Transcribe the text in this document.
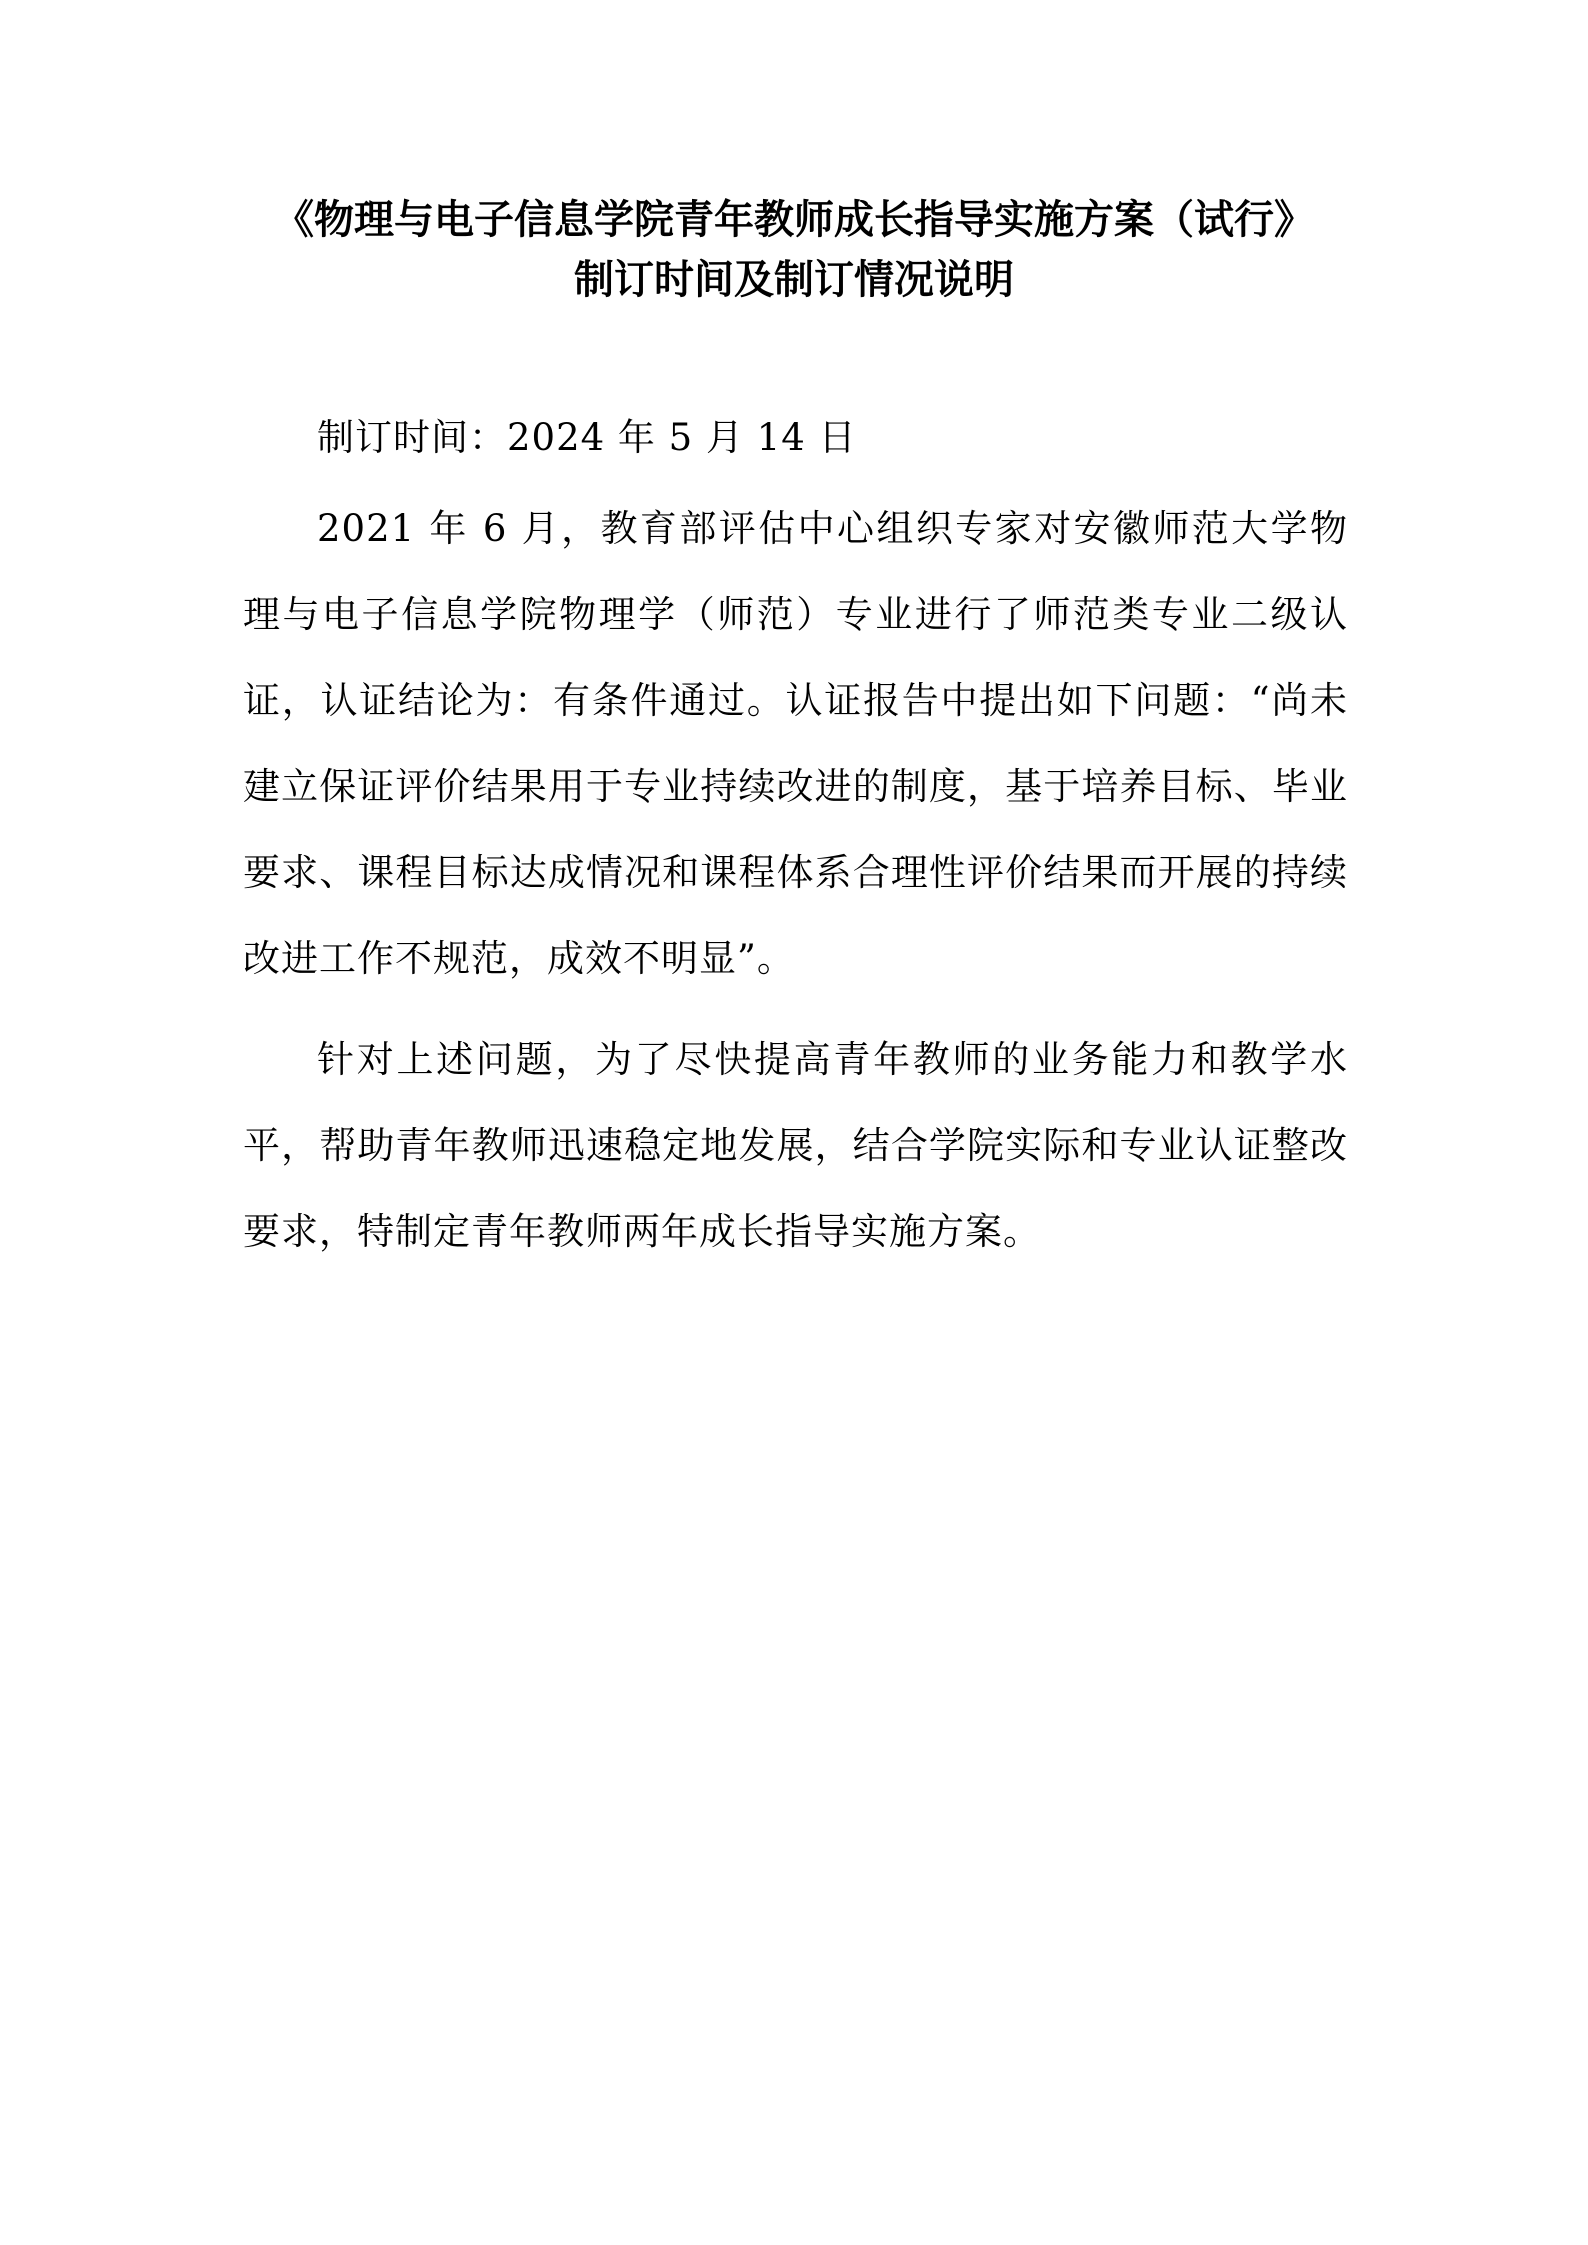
《物理与电子信息学院青年教师成长指导实施方案（试行》
制订时间及制订情况说明

制订时间：2024 年 5 月 14 日

2021 年 6 月，教育部评估中心组织专家对安徽师范大学物理与电子信息学院物理学（师范）专业进行了师范类专业二级认证，认证结论为：有条件通过。认证报告中提出如下问题：“尚未建立保证评价结果用于专业持续改进的制度，基于培养目标、毕业要求、课程目标达成情况和课程体系合理性评价结果而开展的持续改进工作不规范，成效不明显”。

针对上述问题，为了尽快提高青年教师的业务能力和教学水平，帮助青年教师迅速稳定地发展，结合学院实际和专业认证整改要求，特制定青年教师两年成长指导实施方案。
